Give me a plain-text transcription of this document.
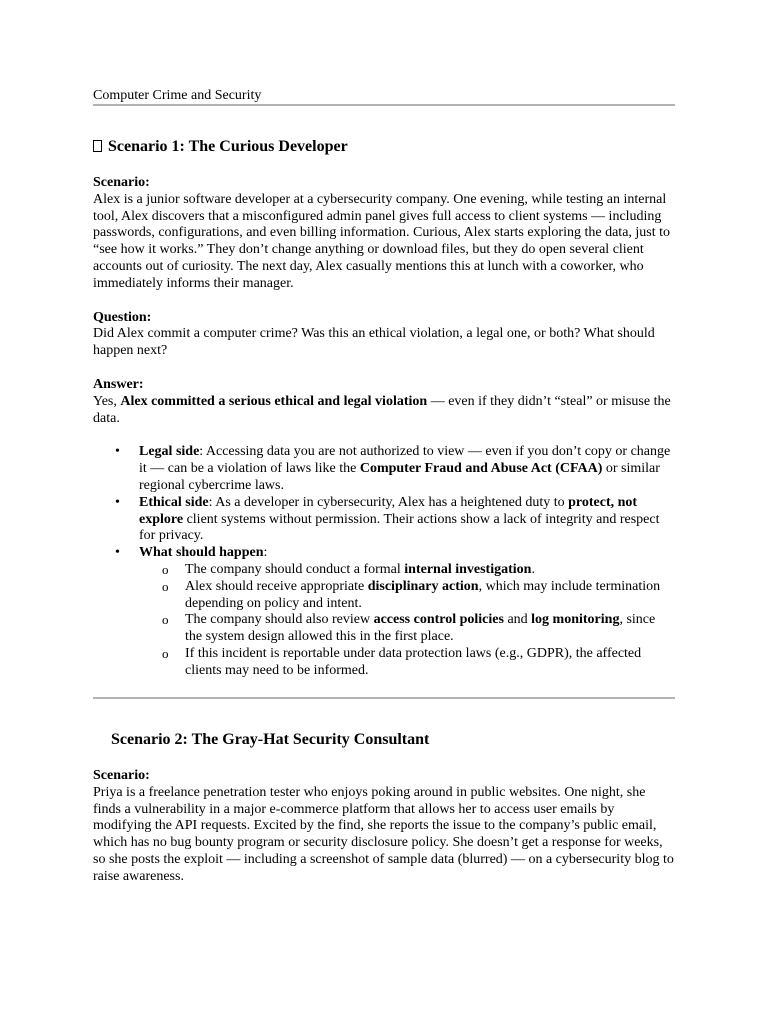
Computer Crime and Security
Scenario 1: The Curious Developer
Scenario:

Alex is a junior software developer at a cybersecurity company. One evening, while testing an internal tool, Alex discovers that a misconfigured admin panel gives full access to client systems — including passwords, configurations, and even billing information. Curious, Alex starts exploring the data, just to “see how it works.” They don’t change anything or download files, but they do open several client accounts out of curiosity. The next day, Alex casually mentions this at lunch with a coworker, who immediately informs their manager.

Question:

Did Alex commit a computer crime? Was this an ethical violation, a legal one, or both? What should happen next?

Answer:

Yes, Alex committed a serious ethical and legal violation — even if they didn’t “steal” or misuse the data.

• Legal side: Accessing data you are not authorized to view — even if you don’t copy or change it — can be a violation of laws like the Computer Fraud and Abuse Act (CFAA) or similar regional cybercrime laws.
• Ethical side: As a developer in cybersecurity, Alex has a heightened duty to protect, not explore client systems without permission. Their actions show a lack of integrity and respect for privacy.
• What should happen:
o The company should conduct a formal internal investigation.
o Alex should receive appropriate disciplinary action, which may include termination depending on policy and intent.
o The company should also review access control policies and log monitoring, since the system design allowed this in the first place.
o If this incident is reportable under data protection laws (e.g., GDPR), the affected clients may need to be informed.
Scenario 2: The Gray-Hat Security Consultant
Scenario:

Priya is a freelance penetration tester who enjoys poking around in public websites. One night, she finds a vulnerability in a major e-commerce platform that allows her to access user emails by modifying the API requests. Excited by the find, she reports the issue to the company’s public email, which has no bug bounty program or security disclosure policy. She doesn’t get a response for weeks, so she posts the exploit — including a screenshot of sample data (blurred) — on a cybersecurity blog to raise awareness.
